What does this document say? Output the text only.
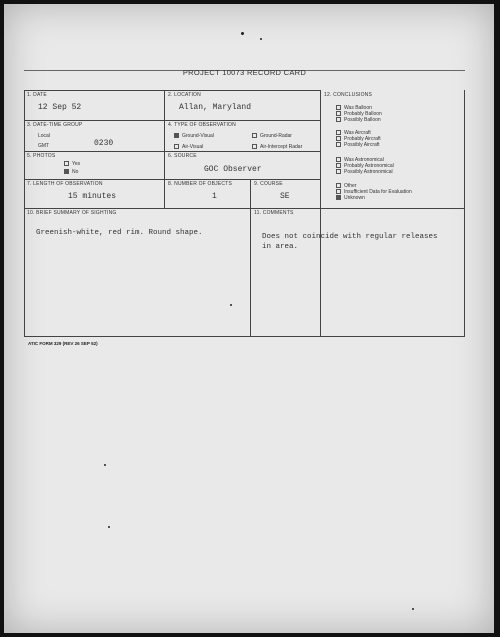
PROJECT 10073 RECORD CARD
1. DATE
12 Sep 52
2. LOCATION
Allan, Maryland
3. DATE-TIME GROUP
Local
GMT	0230
4. TYPE OF OBSERVATION
Ground-Visual	Ground-Radar
Air-Visual	Air-Intercept Radar
5. PHOTOS
Yes
No
6. SOURCE
GOC Observer
7. LENGTH OF OBSERVATION
15 minutes
8. NUMBER OF OBJECTS
1
9. COURSE
SE
10. BRIEF SUMMARY OF SIGHTING
Greenish-white, red rim. Round shape.
11. COMMENTS
Does not coincide with regular releases
in area.
12. CONCLUSIONS
Was Balloon
Probably Balloon
Possibly Balloon
Was Aircraft
Probably Aircraft
Possibly Aircraft
Was Astronomical
Probably Astronomical
Possibly Astronomical
Other
Insufficient Data for Evaluation
Unknown
ATIC FORM 329 (REV 26 SEP 52)
